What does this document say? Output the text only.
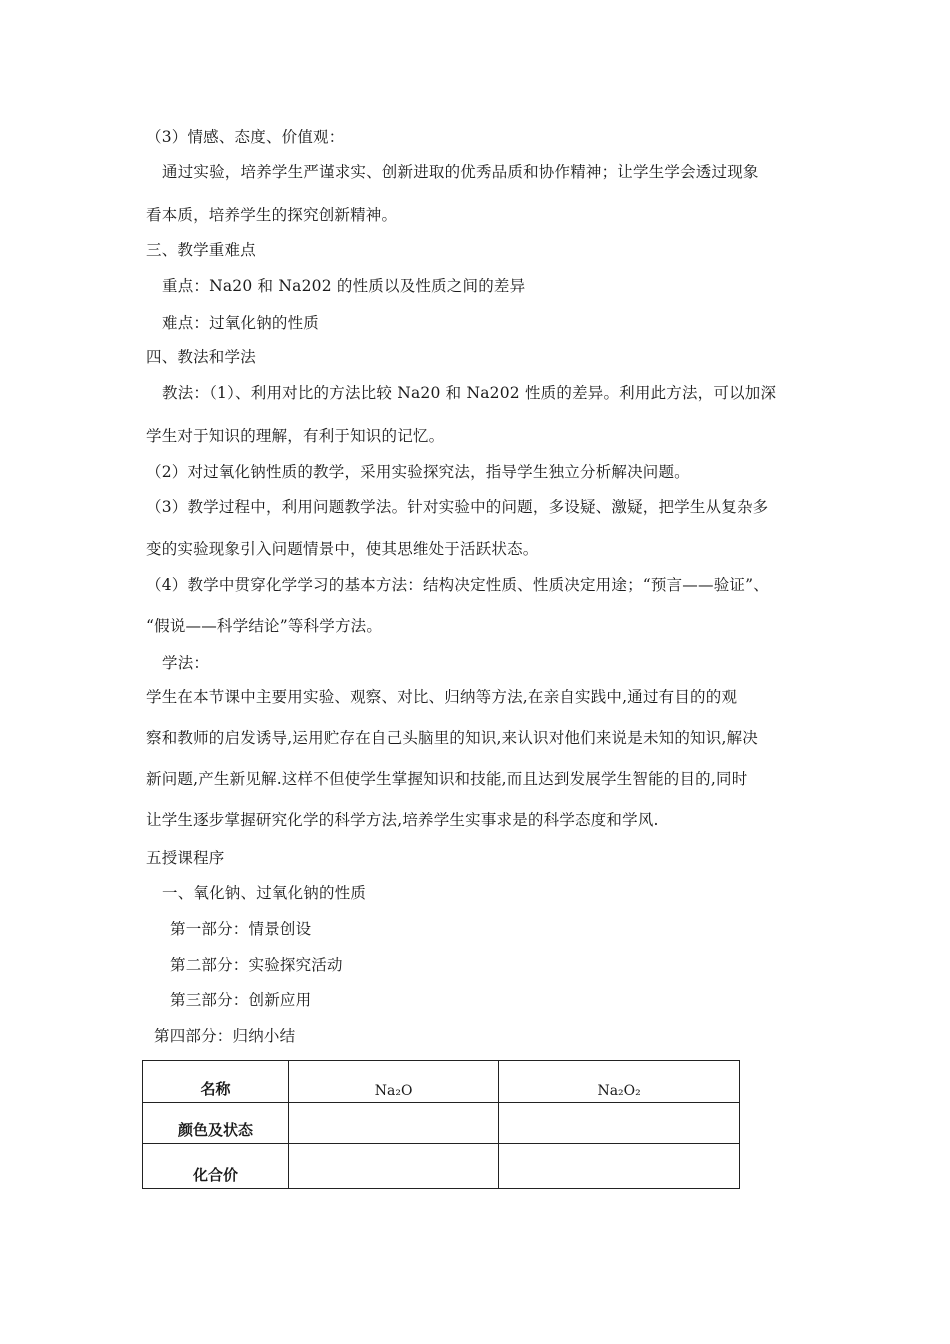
（3）情感、态度、价值观：
通过实验，培养学生严谨求实、创新进取的优秀品质和协作精神；让学生学会透过现象
看本质，培养学生的探究创新精神。
三、教学重难点
重点：Na20 和 Na202 的性质以及性质之间的差异
难点：过氧化钠的性质
四、教法和学法
教法：（1）、利用对比的方法比较 Na20 和 Na202 性质的差异。利用此方法，可以加深
学生对于知识的理解，有利于知识的记忆。
（2）对过氧化钠性质的教学，采用实验探究法，指导学生独立分析解决问题。
（3）教学过程中，利用问题教学法。针对实验中的问题，多设疑、激疑，把学生从复杂多
变的实验现象引入问题情景中，使其思维处于活跃状态。
（4）教学中贯穿化学学习的基本方法：结构决定性质、性质决定用途；“预言——验证”、
“假说——科学结论”等科学方法。
学法：
学生在本节课中主要用实验、观察、对比、归纳等方法,在亲自实践中,通过有目的的观
察和教师的启发诱导,运用贮存在自己头脑里的知识,来认识对他们来说是未知的知识,解决
新问题,产生新见解.这样不但使学生掌握知识和技能,而且达到发展学生智能的目的,同时
让学生逐步掌握研究化学的科学方法,培养学生实事求是的科学态度和学风.
五授课程序
一、氧化钠、过氧化钠的性质
第一部分：情景创设
第二部分：实验探究活动
第三部分：创新应用
第四部分：归纳小结
名称	Na₂O	Na₂O₂

颜色及状态		

化合价		
